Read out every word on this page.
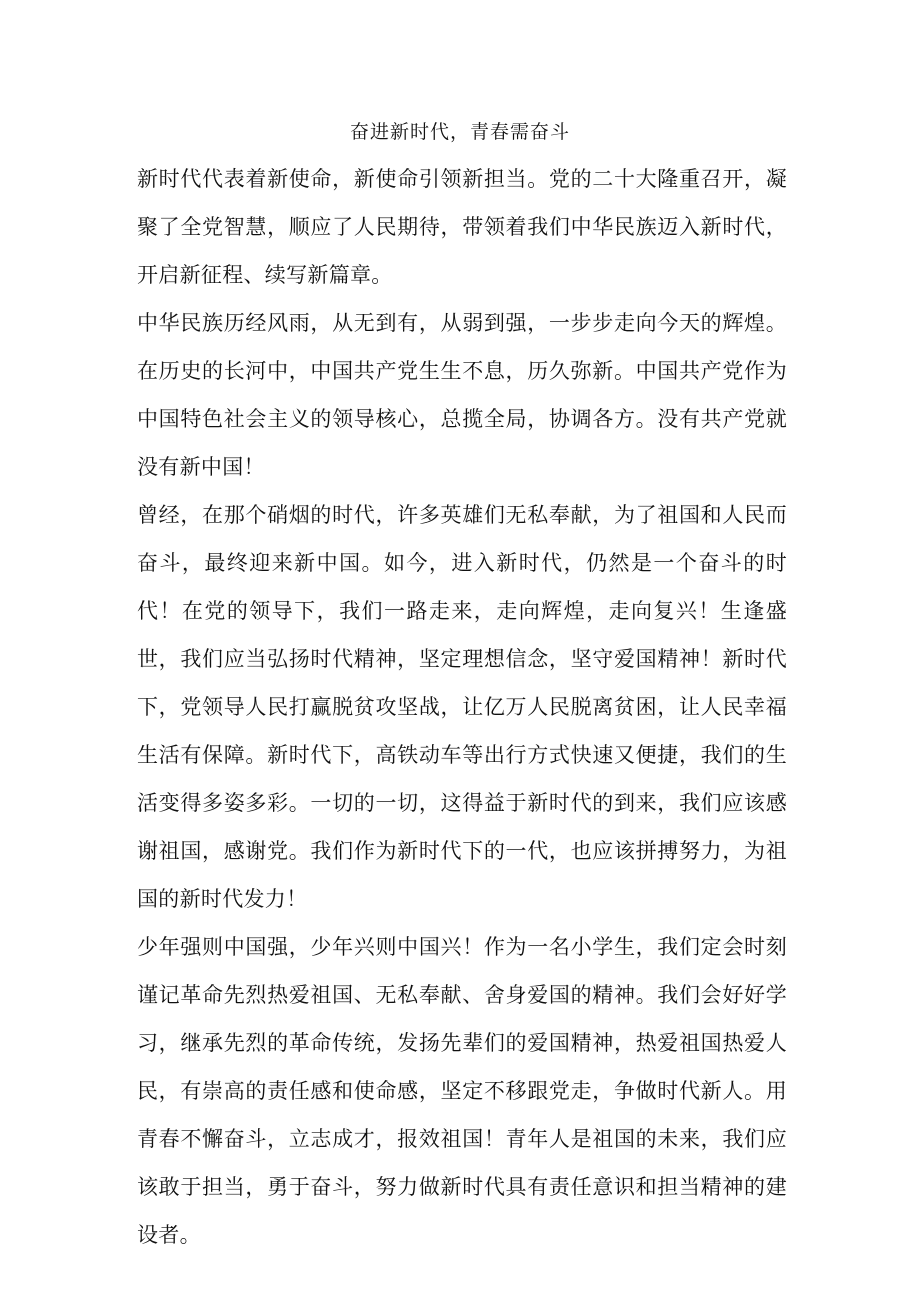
奋进新时代，青春需奋斗

新时代代表着新使命，新使命引领新担当。党的二十大隆重召开，凝聚了全党智慧，顺应了人民期待，带领着我们中华民族迈入新时代，开启新征程、续写新篇章。

中华民族历经风雨，从无到有，从弱到强，一步步走向今天的辉煌。在历史的长河中，中国共产党生生不息，历久弥新。中国共产党作为中国特色社会主义的领导核心，总揽全局，协调各方。没有共产党就没有新中国！

曾经，在那个硝烟的时代，许多英雄们无私奉献，为了祖国和人民而奋斗，最终迎来新中国。如今，进入新时代，仍然是一个奋斗的时代！在党的领导下，我们一路走来，走向辉煌，走向复兴！生逢盛世，我们应当弘扬时代精神，坚定理想信念，坚守爱国精神！新时代下，党领导人民打赢脱贫攻坚战，让亿万人民脱离贫困，让人民幸福生活有保障。新时代下，高铁动车等出行方式快速又便捷，我们的生活变得多姿多彩。一切的一切，这得益于新时代的到来，我们应该感谢祖国，感谢党。我们作为新时代下的一代，也应该拼搏努力，为祖国的新时代发力！

少年强则中国强，少年兴则中国兴！作为一名小学生，我们定会时刻谨记革命先烈热爱祖国、无私奉献、舍身爱国的精神。我们会好好学习，继承先烈的革命传统，发扬先辈们的爱国精神，热爱祖国热爱人民，有崇高的责任感和使命感，坚定不移跟党走，争做时代新人。用青春不懈奋斗，立志成才，报效祖国！青年人是祖国的未来，我们应该敢于担当，勇于奋斗，努力做新时代具有责任意识和担当精神的建设者。
